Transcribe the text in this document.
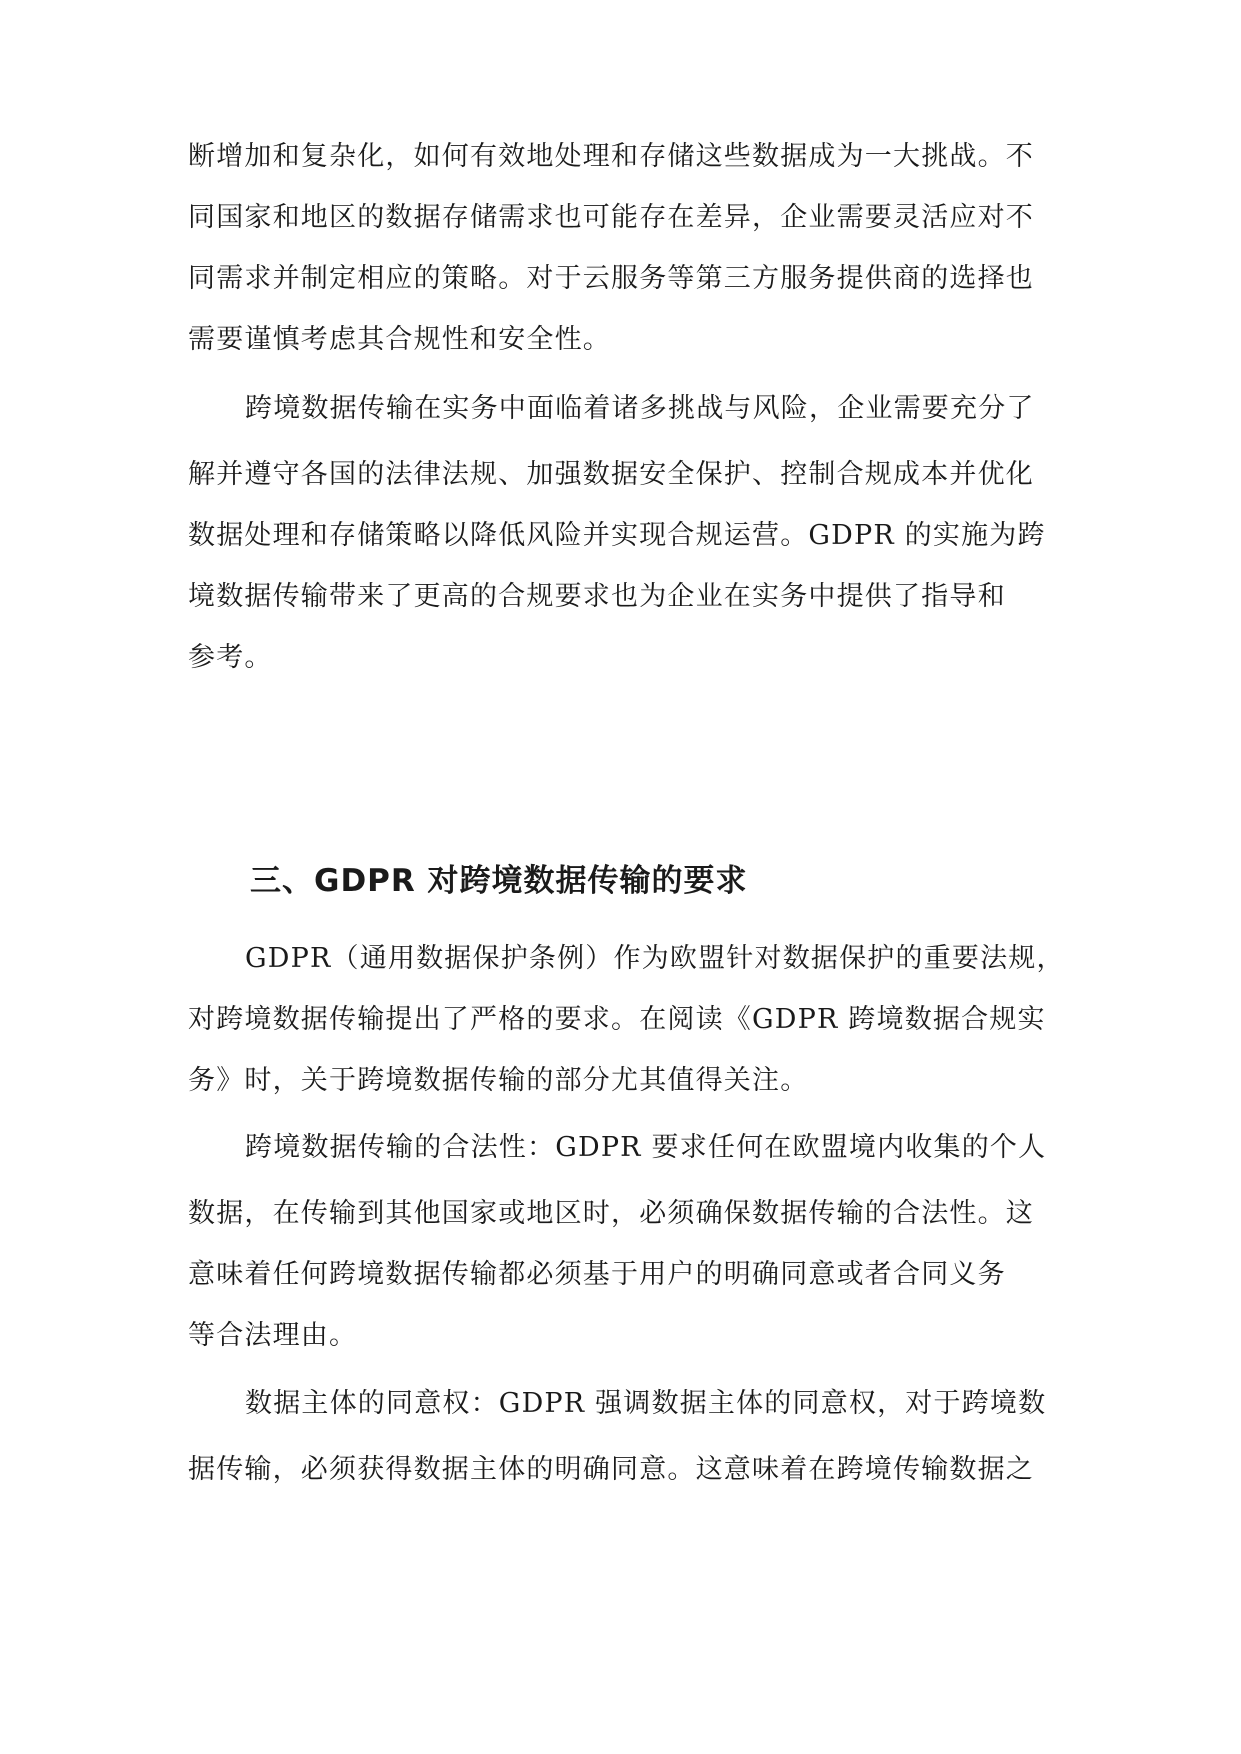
断增加和复杂化，如何有效地处理和存储这些数据成为一大挑战。不
同国家和地区的数据存储需求也可能存在差异，企业需要灵活应对不
同需求并制定相应的策略。对于云服务等第三方服务提供商的选择也
需要谨慎考虑其合规性和安全性。
跨境数据传输在实务中面临着诸多挑战与风险，企业需要充分了
解并遵守各国的法律法规、加强数据安全保护、控制合规成本并优化
数据处理和存储策略以降低风险并实现合规运营。GDPR 的实施为跨
境数据传输带来了更高的合规要求也为企业在实务中提供了指导和
参考。
三、GDPR 对跨境数据传输的要求
GDPR（通用数据保护条例）作为欧盟针对数据保护的重要法规，
对跨境数据传输提出了严格的要求。在阅读《GDPR 跨境数据合规实
务》时，关于跨境数据传输的部分尤其值得关注。
跨境数据传输的合法性：GDPR 要求任何在欧盟境内收集的个人
数据，在传输到其他国家或地区时，必须确保数据传输的合法性。这
意味着任何跨境数据传输都必须基于用户的明确同意或者合同义务
等合法理由。
数据主体的同意权：GDPR 强调数据主体的同意权，对于跨境数
据传输，必须获得数据主体的明确同意。这意味着在跨境传输数据之
